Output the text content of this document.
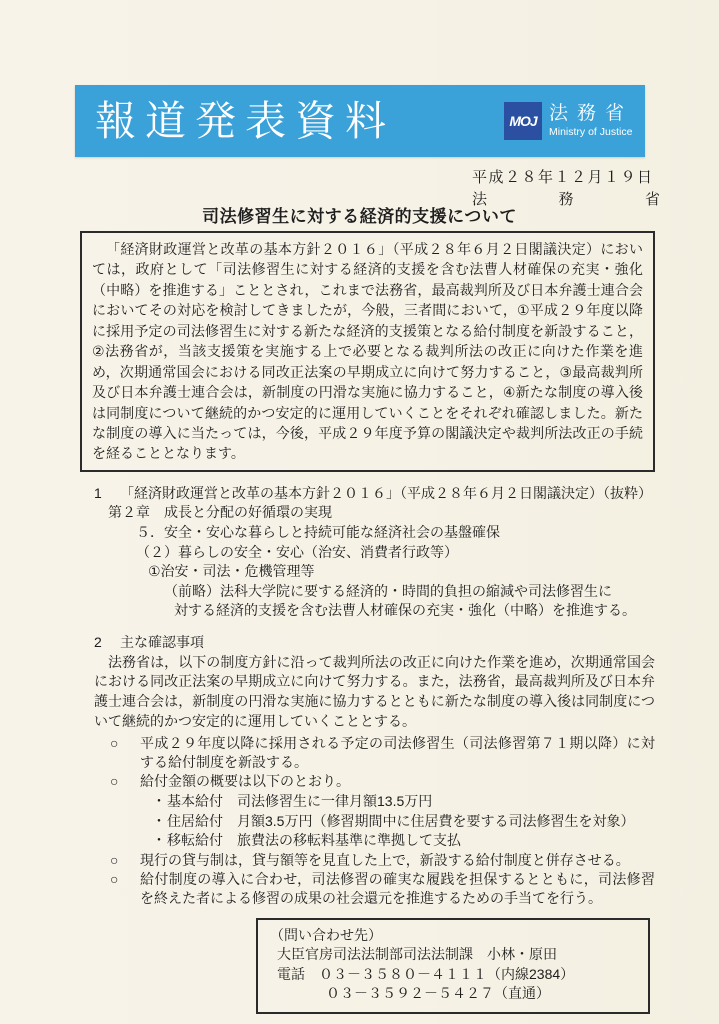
報道発表資料	MOJ 法務省
Ministry of Justice
平成２８年１２月１９日
法　務　省
司法修習生に対する経済的支援について

「経済財政運営と改革の基本方針２０１６」（平成２８年６月２日閣議決定）においては，政府として「司法修習生に対する経済的支援を含む法曹人材確保の充実・強化（中略）を推進する」こととされ，これまで法務省，最高裁判所及び日本弁護士連合会においてその対応を検討してきましたが，今般，三者間において，①平成２９年度以降に採用予定の司法修習生に対する新たな経済的支援策となる給付制度を新設すること，②法務省が，当該支援策を実施する上で必要となる裁判所法の改正に向けた作業を進め，次期通常国会における同改正法案の早期成立に向けて努力すること，③最高裁判所及び日本弁護士連合会は，新制度の円滑な実施に協力すること，④新たな制度の導入後は同制度について継続的かつ安定的に運用していくことをそれぞれ確認しました。新たな制度の導入に当たっては，今後，平成２９年度予算の閣議決定や裁判所法改正の手続を経ることとなります。

1	「経済財政運営と改革の基本方針２０１６」（平成２８年６月２日閣議決定）（抜粋）
第２章　成長と分配の好循環の実現
５．安全・安心な暮らしと持続可能な経済社会の基盤確保
（２）暮らしの安全・安心（治安、消費者行政等）
①治安・司法・危機管理等
（前略）法科大学院に要する経済的・時間的負担の縮減や司法修習生に
対する経済的支援を含む法曹人材確保の充実・強化（中略）を推進する。
2	主な確認事項

法務省は，以下の制度方針に沿って裁判所法の改正に向けた作業を進め，次期通常国会における同改正法案の早期成立に向けて努力する。また，法務省，最高裁判所及び日本弁護士連合会は，新制度の円滑な実施に協力するとともに新たな制度の導入後は同制度について継続的かつ安定的に運用していくこととする。

○	平成２９年度以降に採用される予定の司法修習生（司法修習第７１期以降）に対する給付制度を新設する。
○	給付金額の概要は以下のとおり。
・ 基本給付　司法修習生に一律月額13.5万円
・ 住居給付　月額3.5万円（修習期間中に住居費を要する司法修習生を対象）
・ 移転給付　旅費法の移転料基準に準拠して支払
○	現行の貸与制は，貸与額等を見直した上で，新設する給付制度と併存させる。
○	給付制度の導入に合わせ，司法修習の確実な履践を担保するとともに，司法修習を終えた者による修習の成果の社会還元を推進するための手当てを行う。
（問い合わせ先）
大臣官房司法法制部司法法制課　小林・原田
電話 ０３－３５８０－４１１１（内線2384）
０３－３５９２－５４２７（直通）
